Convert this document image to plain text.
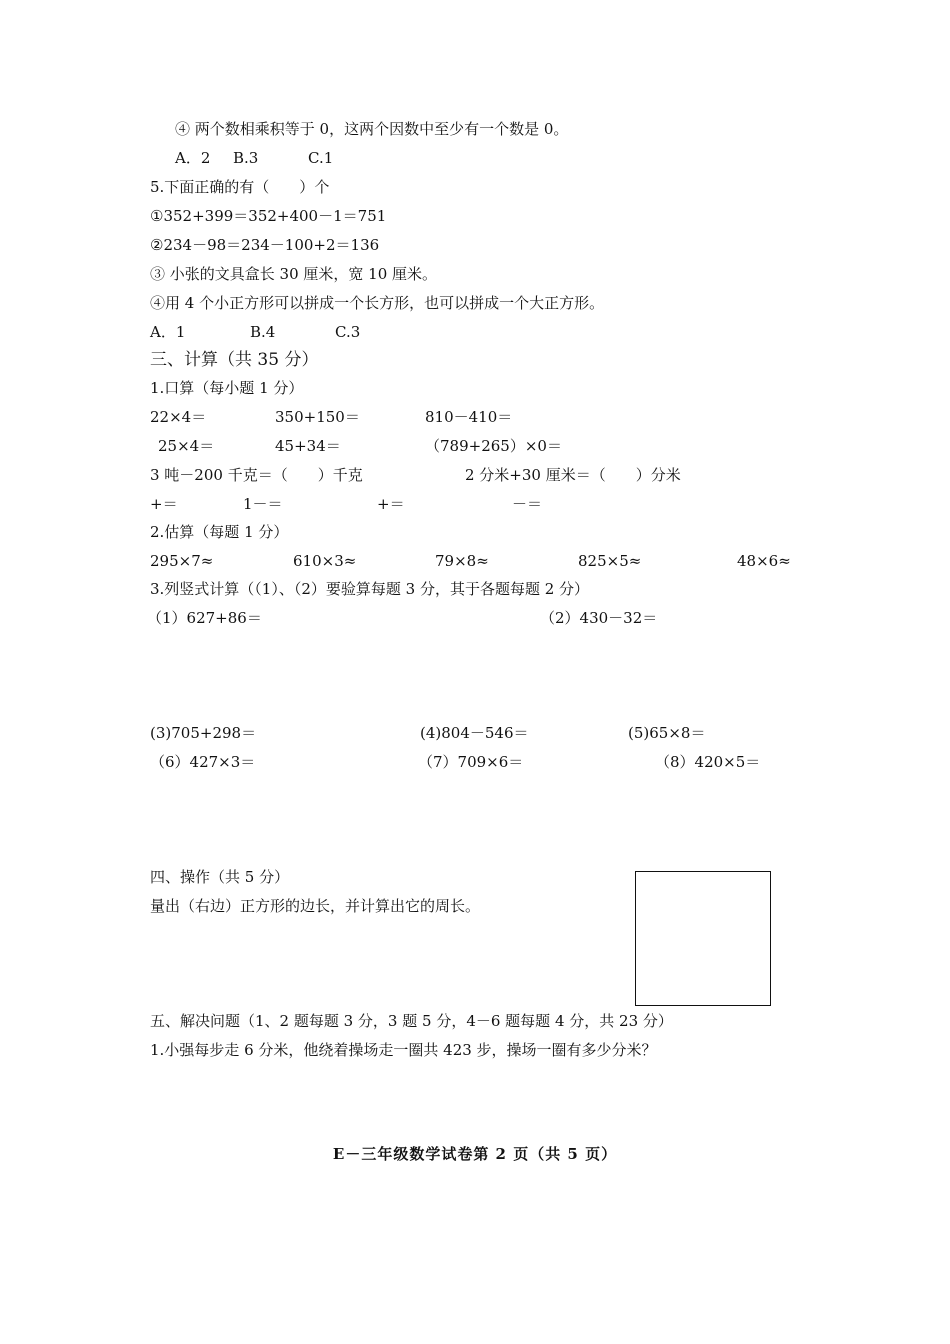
④ 两个数相乘积等于 0，这两个因数中至少有一个数是 0。
A．2 B.3	C.1
5.下面正确的有（　　）个
①352+399＝352+400－1＝751
②234－98＝234－100+2＝136
③ 小张的文具盒长 30 厘米，宽 10 厘米。
④用 4 个小正方形可以拼成一个长方形，也可以拼成一个大正方形。
A．1	B.4	C.3
三、计算（共 35 分）
1.口算（每小题 1 分）
22×4＝	350+150＝	810－410＝
25×4＝	45+34＝	（789+265）×0＝
3 吨－200 千克＝（　　）千克	2 分米+30 厘米＝（　　）分米
+＝	1－＝	+＝	－＝
2.估算（每题 1 分）
295×7≈	610×3≈	79×8≈	825×5≈	48×6≈
3.列竖式计算（（1）、（2）要验算每题 3 分，其于各题每题 2 分）
（1）627+86＝	（2）430－32＝
(3)705+298＝	(4)804－546＝	(5)65×8＝
（6）427×3＝	（7）709×6＝	（8）420×5＝
四、操作（共 5 分）
量出（右边）正方形的边长，并计算出它的周长。
五、解决问题（1、2 题每题 3 分，3 题 5 分，4－6 题每题 4 分，共 23 分）
1.小强每步走 6 分米，他绕着操场走一圈共 423 步，操场一圈有多少分米？
E－三年级数学试卷第 2 页（共 5 页）
